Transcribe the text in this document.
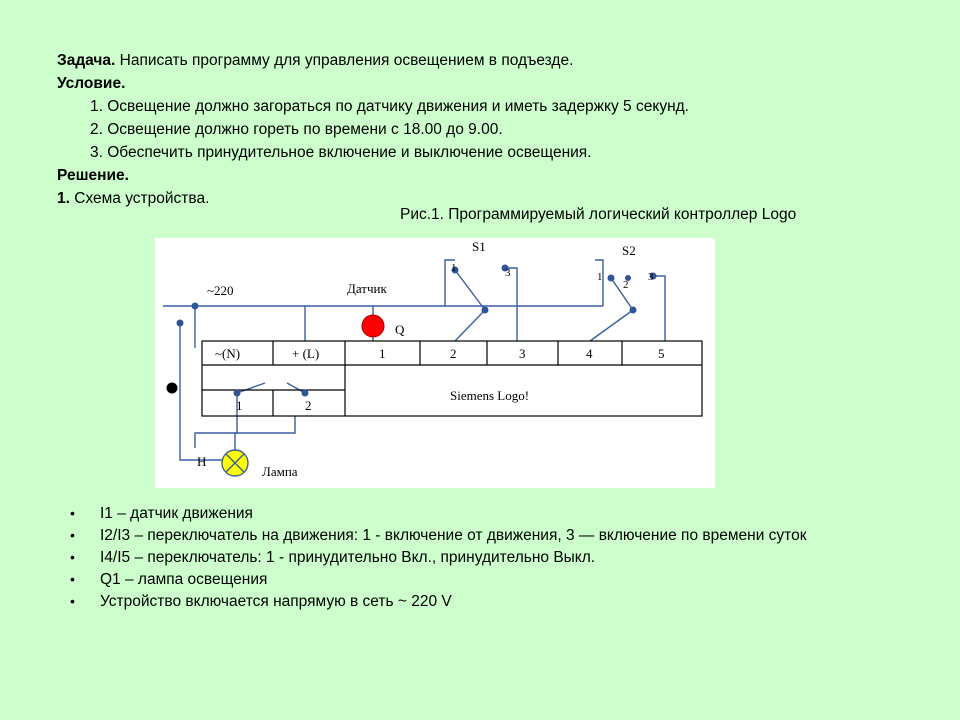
Задача. Написать программу для управления освещением в подъезде.

Условие.

1. Освещение должно загораться по датчику движения и иметь задержку 5 секунд.

2. Освещение должно гореть по времени с 18.00 до 9.00.

3. Обеспечить принудительное включение и выключение освещения.

Решение.

1. Схема устройства.

Рис.1. Программируемый логический контроллер Logo
~220	Датчик
Q
S1	S2
1	3	1
2
3
~(N)	+ (L)	1	2	3	4	5
1	2
Siemens Logo!
Н
Лампа
• I1 – датчик движения
• I2/I3 – переключатель на движения: 1 - включение от движения, 3 — включение по времени суток
• I4/I5 – переключатель: 1 - принудительно Вкл., принудительно Выкл.
• Q1 – лампа освещения
• Устройство включается напрямую в сеть ~ 220 V
